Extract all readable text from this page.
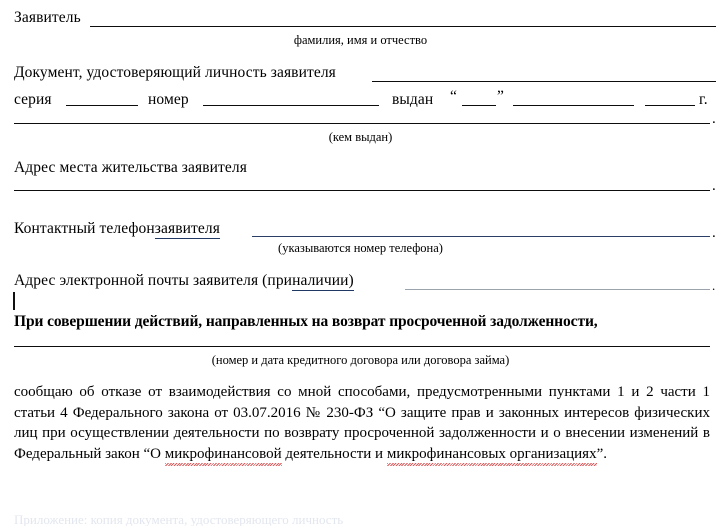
Заявитель
фамилия, имя и отчество
Документ, удостоверяющий личность заявителя
серия	номер	выдан “	”	г.
.
(кем выдан)
Адрес места жительства заявителя
.
Контактный телефон заявителя	.
(указываются номер телефона)
Адрес электронной почты заявителя (при наличии)	.
При совершении действий, направленных на возврат просроченной задолженности,
(номер и дата кредитного договора или договора займа)

сообщаю об отказе от взаимодействия со мной способами, предусмотренными пунктами 1 и 2 части 1 статьи 4 Федерального закона от 03.07.2016 № 230-ФЗ “О защите прав и законных интересов физических лиц при осуществлении деятельности по возврату просроченной задолженности и о внесении изменений в Федеральный закон “О микрофинансовой деятельности и микрофинансовых организациях”.

Приложение: копия документа, удостоверяющего личность
